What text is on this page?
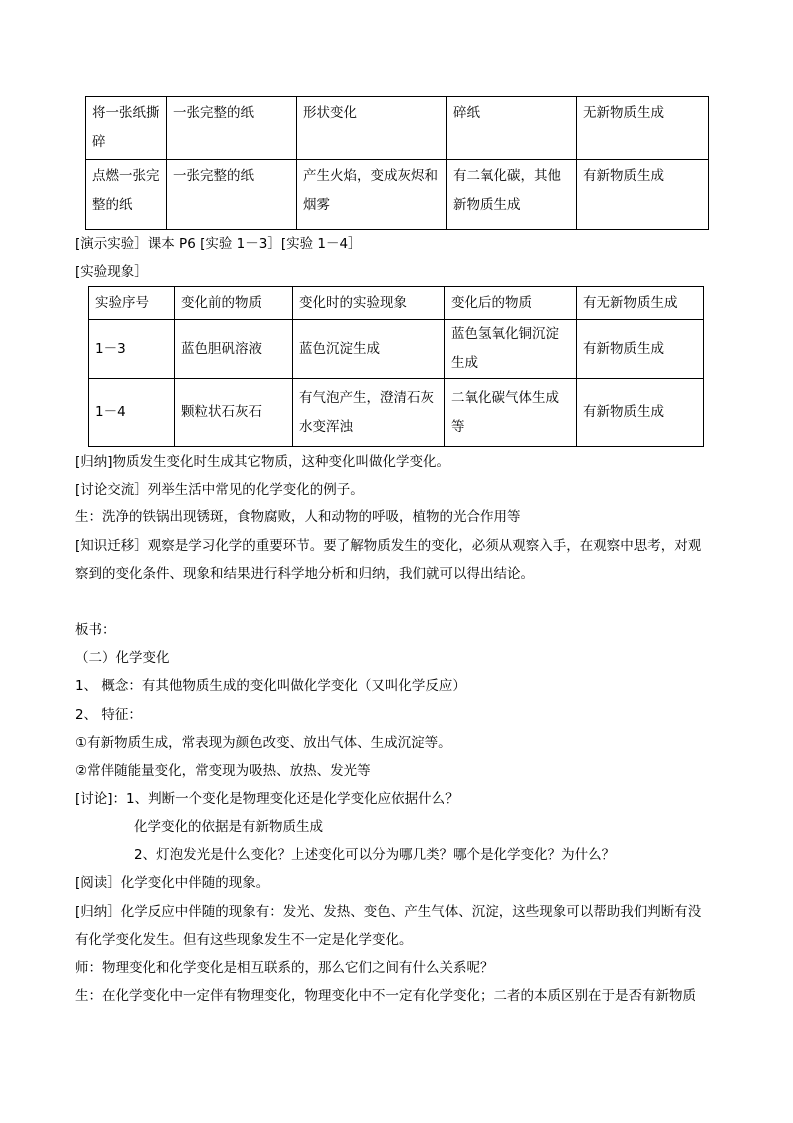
将一张纸撕碎	一张完整的纸	形状变化	碎纸	无新物质生成
点燃一张完整的纸	一张完整的纸	产生火焰，变成灰烬和烟雾	有二氧化碳，其他新物质生成	有新物质生成
[演示实验］课本 P6 [实验 1－3］[实验 1－4］
[实验现象］
实验序号	变化前的物质	变化时的实验现象	变化后的物质	有无新物质生成
1－3	蓝色胆矾溶液	蓝色沉淀生成	蓝色氢氧化铜沉淀生成	有新物质生成
1－4	颗粒状石灰石	有气泡产生，澄清石灰水变浑浊	二氧化碳气体生成等	有新物质生成
[归纳]物质发生变化时生成其它物质，这种变化叫做化学变化。
[讨论交流］列举生活中常见的化学变化的例子。
生：洗净的铁锅出现锈斑，食物腐败，人和动物的呼吸，植物的光合作用等
[知识迁移］观察是学习化学的重要环节。要了解物质发生的变化，必须从观察入手，在观察中思考，对观
察到的变化条件、现象和结果进行科学地分析和归纳，我们就可以得出结论。
板书：
（二）化学变化
1、 概念：有其他物质生成的变化叫做化学变化（又叫化学反应）
2、 特征：
①有新物质生成，常表现为颜色改变、放出气体、生成沉淀等。
②常伴随能量变化，常变现为吸热、放热、发光等
[讨论]：1、判断一个变化是物理变化还是化学变化应依据什么？
化学变化的依据是有新物质生成
2、灯泡发光是什么变化？上述变化可以分为哪几类？哪个是化学变化？为什么？
[阅读］化学变化中伴随的现象。
[归纳］化学反应中伴随的现象有：发光、发热、变色、产生气体、沉淀，这些现象可以帮助我们判断有没
有化学变化发生。但有这些现象发生不一定是化学变化。
师：物理变化和化学变化是相互联系的，那么它们之间有什么关系呢？
生：在化学变化中一定伴有物理变化，物理变化中不一定有化学变化；二者的本质区别在于是否有新物质
